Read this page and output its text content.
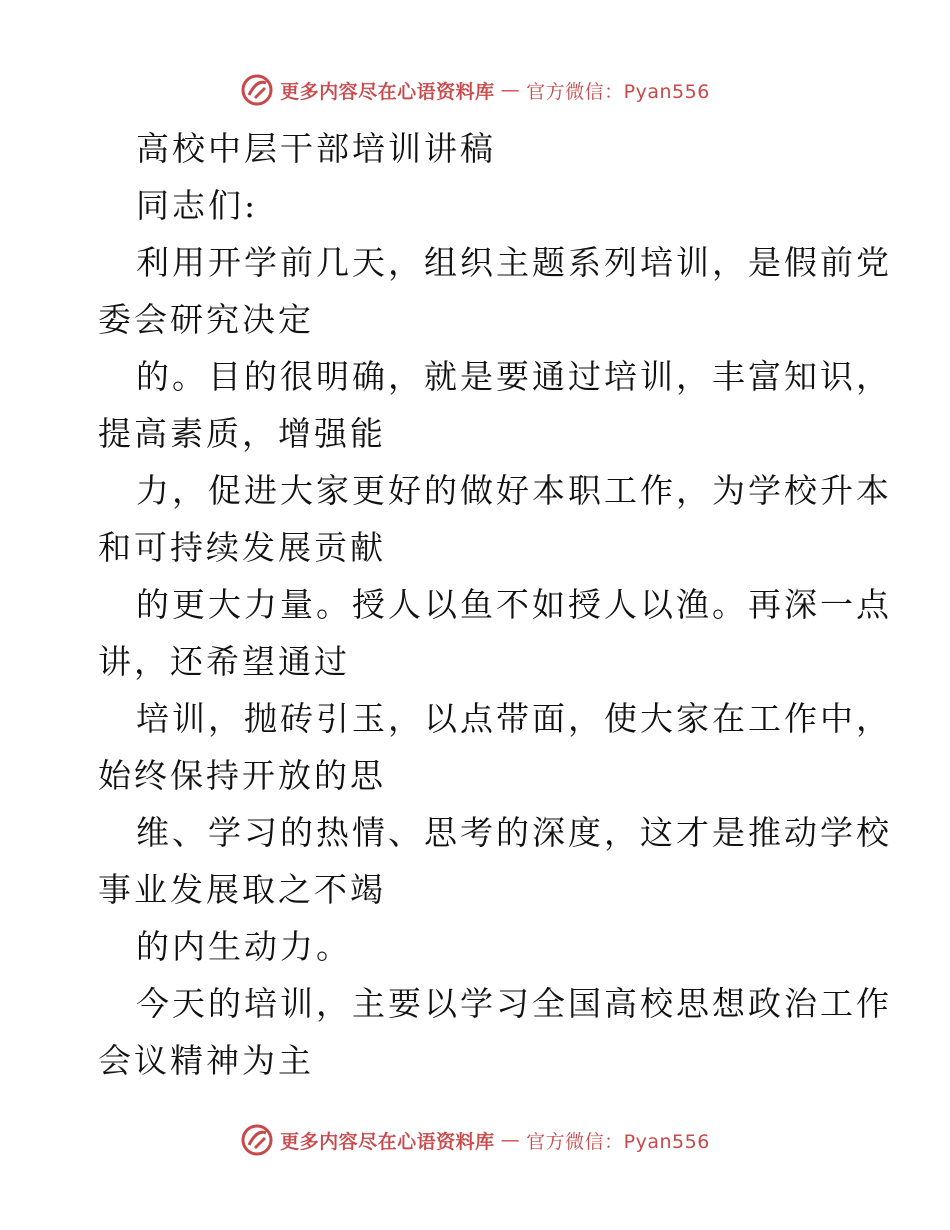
更多内容尽在心语资料库 — 官方微信：Pyan556
高校中层干部培训讲稿
同志们:
利用开学前几天，组织主题系列培训，是假前党
委会研究决定
的。目的很明确，就是要通过培训，丰富知识，
提高素质，增强能
力，促进大家更好的做好本职工作，为学校升本
和可持续发展贡献
的更大力量。授人以鱼不如授人以渔。再深一点
讲，还希望通过
培训，抛砖引玉，以点带面，使大家在工作中，
始终保持开放的思
维、学习的热情、思考的深度，这才是推动学校
事业发展取之不竭
的内生动力。
今天的培训，主要以学习全国高校思想政治工作
会议精神为主
更多内容尽在心语资料库 — 官方微信：Pyan556
